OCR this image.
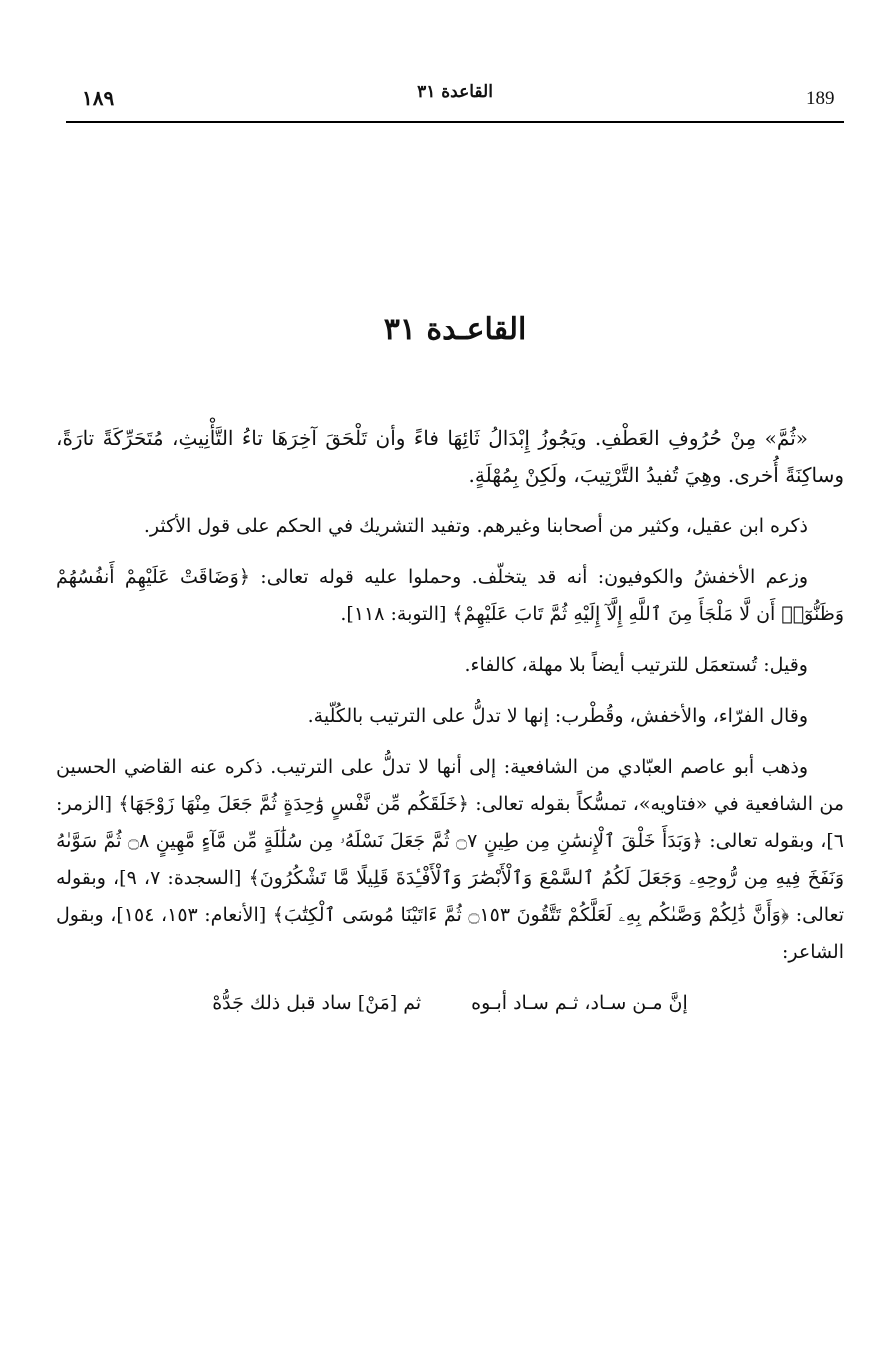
189
القاعدة ٣١
١٨٩
القاعـدة ٣١

«ثُمَّ» مِنْ حُرُوفِ العَطْفِ. ويَجُوزُ إِبْدَالُ ثَائِهَا فاءً وأن تَلْحَقَ آخِرَهَا تاءُ التَّأْنِيثِ، مُتَحَرِّكَةً تارَةً، وساكِنَةً أُخرى. وهِيَ تُفيدُ التَّرْتِيبَ، ولَكِنْ بِمُهْلَةٍ.

ذكره ابن عقيل، وكثير من أصحابنا وغيرهم. وتفيد التشريك في الحكم على قول الأكثر.

وزعم الأخفشُ والكوفيون: أنه قد يتخلّف. وحملوا عليه قوله تعالى: ﴿وَضَاقَتْ عَلَيْهِمْ أَنفُسُهُمْ وَظَنُّوٓا۟ أَن لَّا مَلْجَأَ مِنَ ٱللَّهِ إِلَّآ إِلَيْهِ ثُمَّ تَابَ عَلَيْهِمْ﴾ [التوبة: ١١٨].

وقيل: تُستعمَل للترتيب أيضاً بلا مهلة، كالفاء.

وقال الفرّاء، والأخفش، وقُطْرب: إنها لا تدلُّ على الترتيب بالكُلّية.

وذهب أبو عاصم العبّادي من الشافعية: إلى أنها لا تدلُّ على الترتيب. ذكره عنه القاضي الحسين من الشافعية في «فتاويه»، تمسُّكاً بقوله تعالى: ﴿خَلَقَكُم مِّن نَّفْسٍ وَٰحِدَةٍ ثُمَّ جَعَلَ مِنْهَا زَوْجَهَا﴾ [الزمر: ٦]، وبقوله تعالى: ﴿وَبَدَأَ خَلْقَ ٱلْإِنسَٰنِ مِن طِينٍ ۝٧ ثُمَّ جَعَلَ نَسْلَهُۥ مِن سُلَٰلَةٍ مِّن مَّآءٍ مَّهِينٍ ۝٨ ثُمَّ سَوَّىٰهُ وَنَفَخَ فِيهِ مِن رُّوحِهِۦ وَجَعَلَ لَكُمُ ٱلسَّمْعَ وَٱلْأَبْصَٰرَ وَٱلْأَفْـِٔدَةَ قَلِيلًا مَّا تَشْكُرُونَ﴾ [السجدة: ٧، ٩]، وبقوله تعالى: ﴿وَأَنَّ ذَٰلِكُمْ وَصَّىٰكُم بِهِۦ لَعَلَّكُمْ تَتَّقُونَ ۝١٥٣ ثُمَّ ءَاتَيْنَا مُوسَى ٱلْكِتَٰبَ﴾ [الأنعام: ١٥٣، ١٥٤]، وبقول الشاعر:

إنَّ مـن سـاد، ثـم سـاد أبـوه
ثم [مَنْ] ساد قبل ذلك جَدُّهْ
